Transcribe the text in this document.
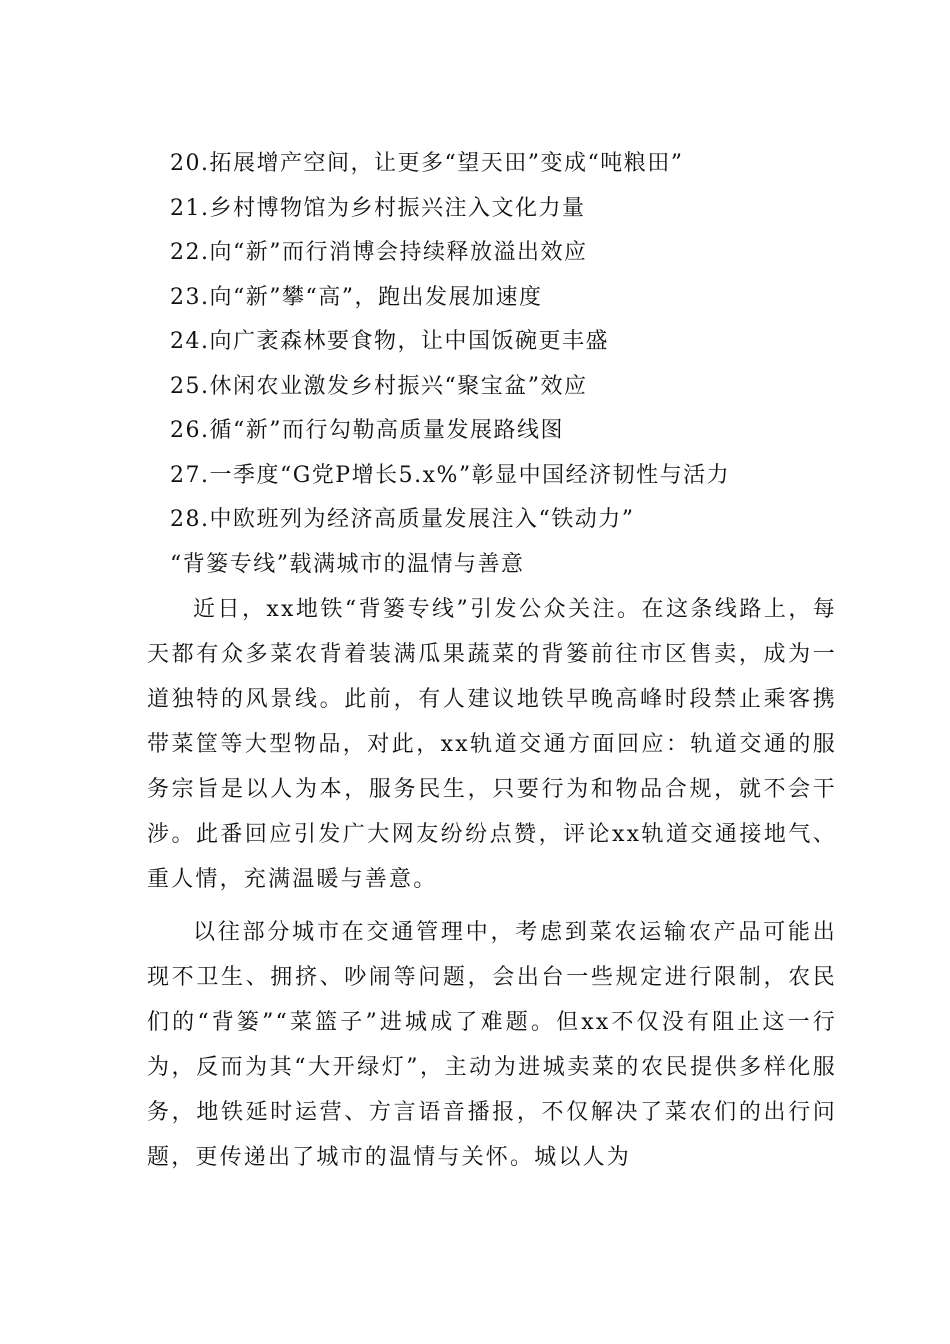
20.拓展增产空间，让更多“望天田”变成“吨粮田”
21.乡村博物馆为乡村振兴注入文化力量
22.向“新”而行消博会持续释放溢出效应
23.向“新”攀“高”，跑出发展加速度
24.向广袤森林要食物，让中国饭碗更丰盛
25.休闲农业激发乡村振兴“聚宝盆”效应
26.循“新”而行勾勒高质量发展路线图
27.一季度“G党P增长5.x%”彰显中国经济韧性与活力
28.中欧班列为经济高质量发展注入“铁动力”
“背篓专线”载满城市的温情与善意

近日，xx地铁“背篓专线”引发公众关注。在这条线路上，每天都有众多菜农背着装满瓜果蔬菜的背篓前往市区售卖，成为一道独特的风景线。此前，有人建议地铁早晚高峰时段禁止乘客携带菜筐等大型物品，对此，xx轨道交通方面回应：轨道交通的服务宗旨是以人为本，服务民生，只要行为和物品合规，就不会干涉。此番回应引发广大网友纷纷点赞，评论xx轨道交通接地气、重人情，充满温暖与善意。

以往部分城市在交通管理中，考虑到菜农运输农产品可能出现不卫生、拥挤、吵闹等问题，会出台一些规定进行限制，农民们的“背篓”“菜篮子”进城成了难题。但xx不仅没有阻止这一行为，反而为其“大开绿灯”，主动为进城卖菜的农民提供多样化服务，地铁延时运营、方言语音播报，不仅解决了菜农们的出行问题，更传递出了城市的温情与关怀。城以人为
